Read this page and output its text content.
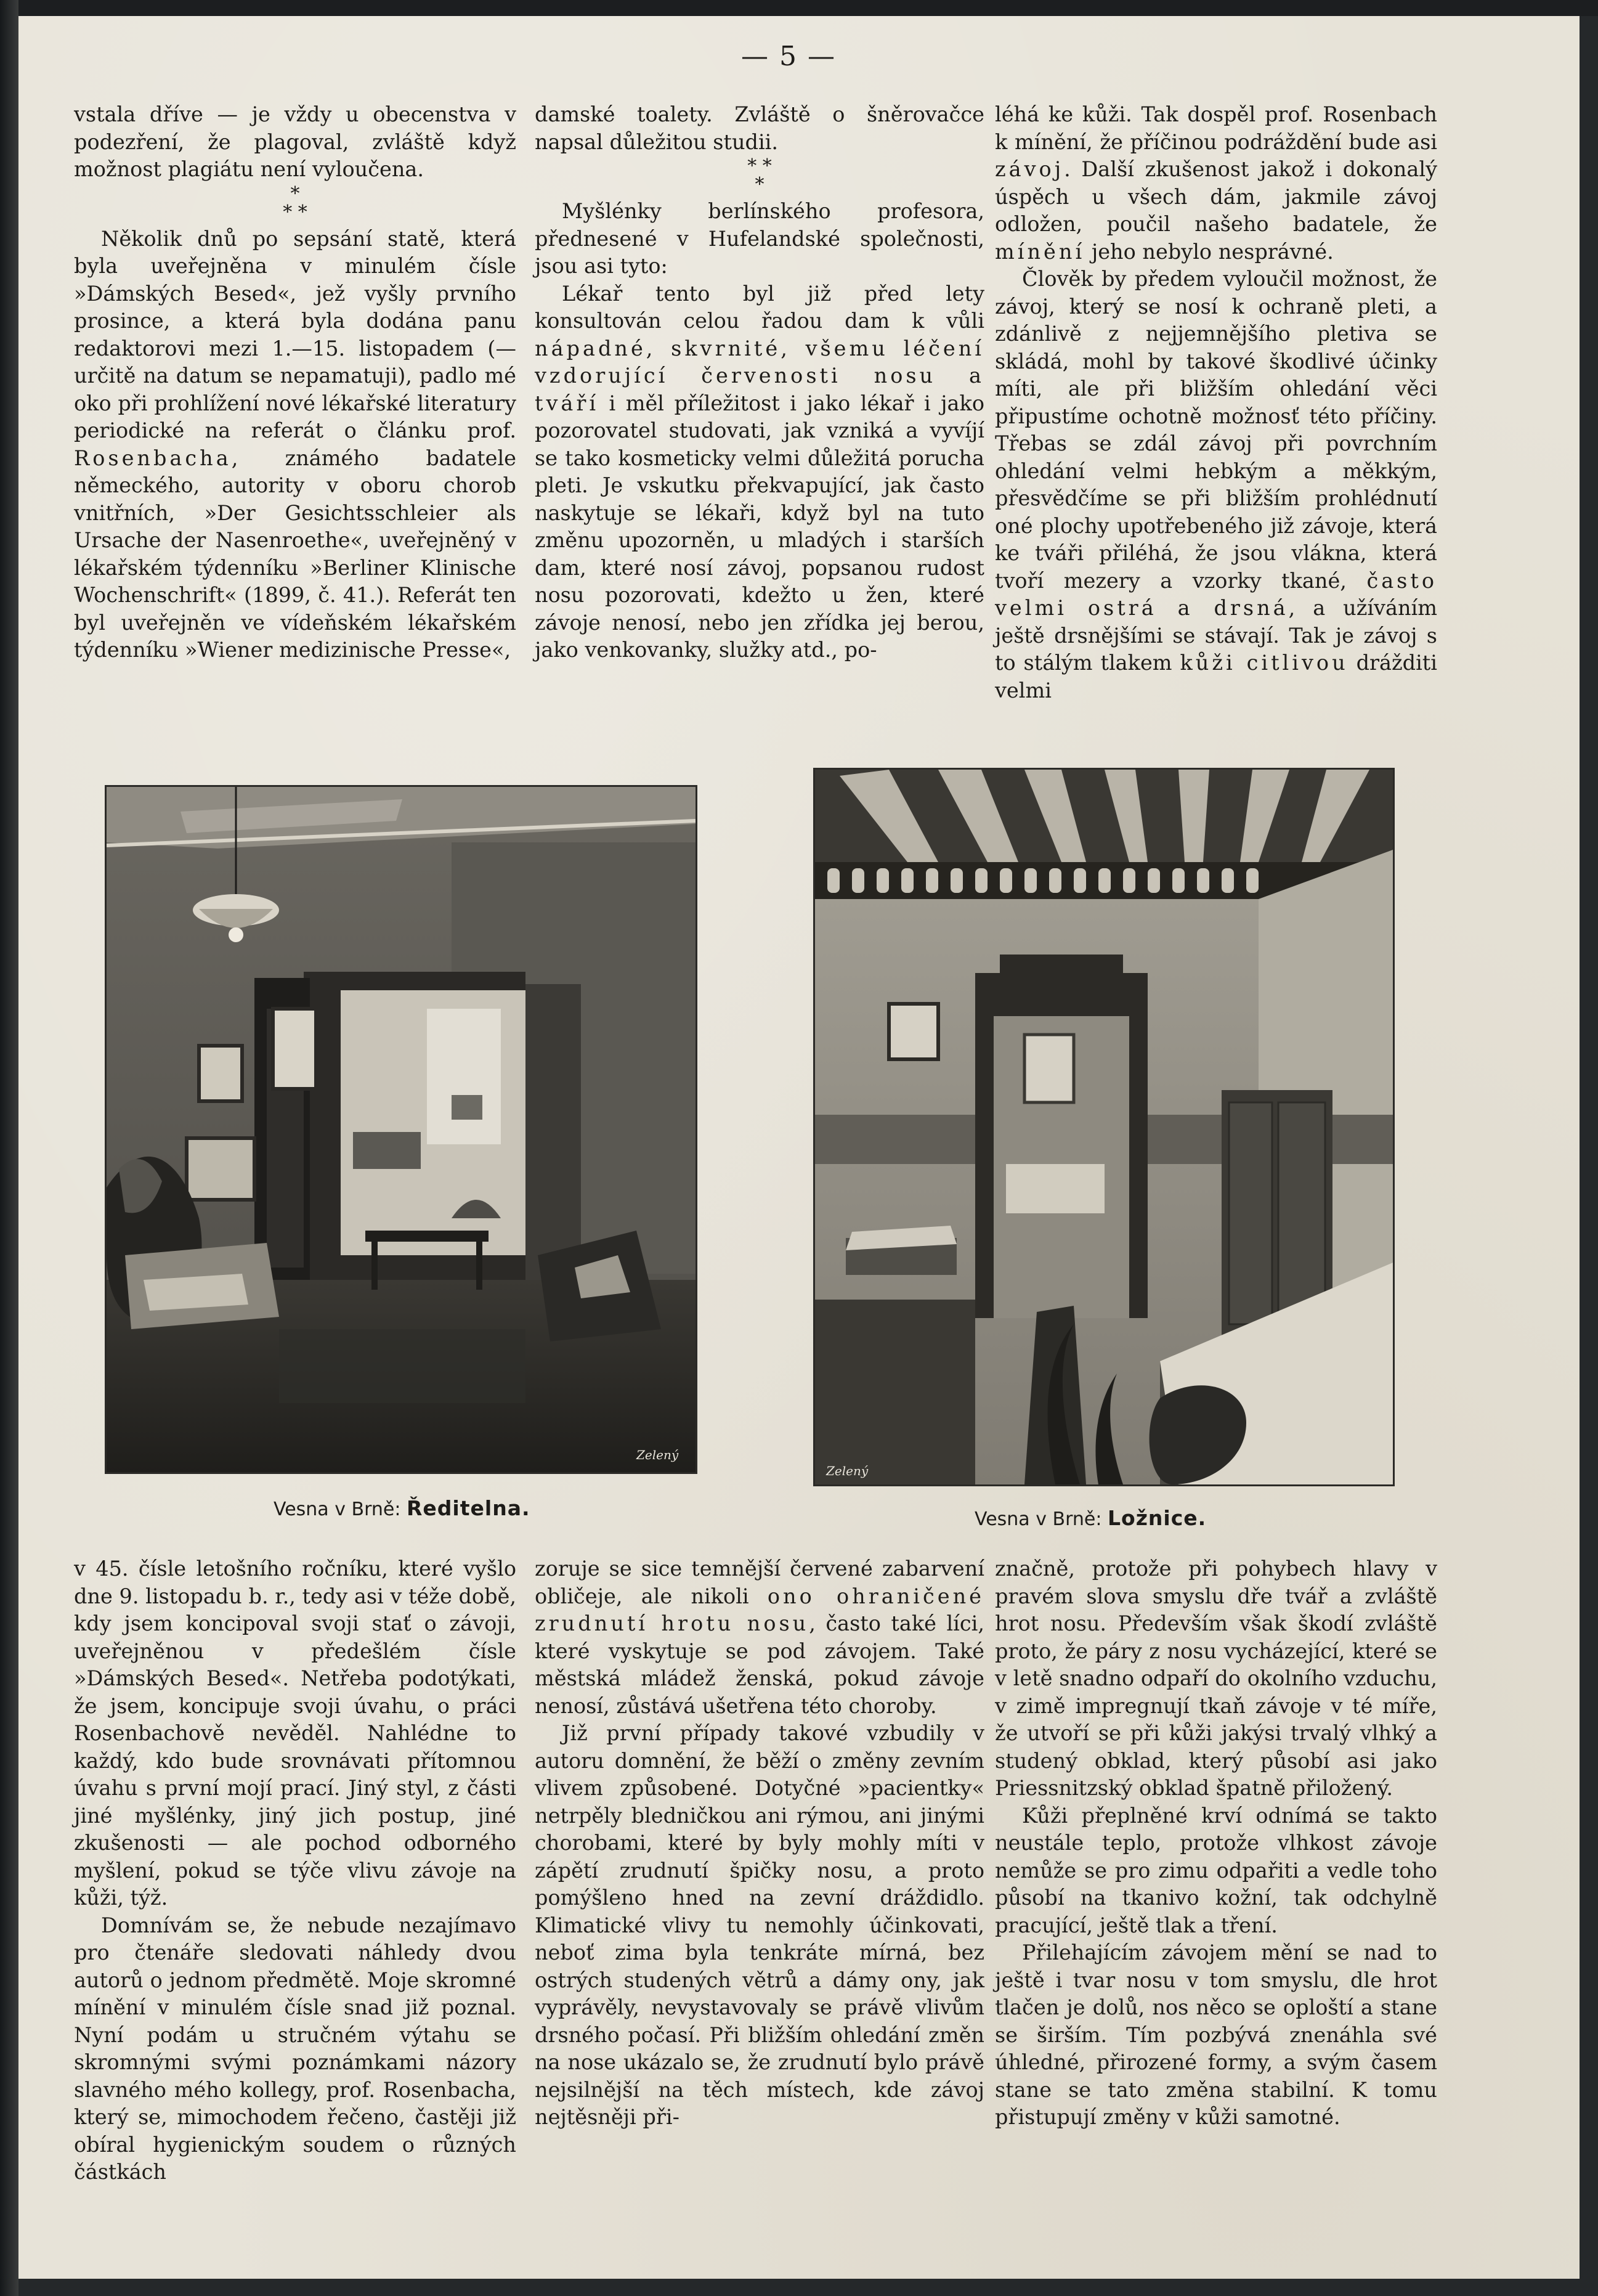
— 5 —

vstala dříve — je vždy u obecenstva v podezření, že plagoval, zvláště když možnost plagiátu není vyloučena.

*
* *

Několik dnů po sepsání statě, která byla uveřejněna v minulém čísle »Dámských Besed«, jež vyšly prvního prosince, a která byla dodána panu redaktorovi mezi 1.—15. listopadem (— určitě na datum se nepamatuji), padlo mé oko při prohlížení nové lékařské literatury periodické na referát o článku prof. Rosenbacha, známého badatele německého, autority v oboru chorob vnitřních, »Der Gesichtsschleier als Ursache der Nasenroethe«, uveřejněný v lékařském týdenníku »Berliner Klinische Wochenschrift« (1899, č. 41.). Referát ten byl uveřejněn ve vídeňském lékařském týdenníku »Wiener medizinische Presse«,

damské toalety. Zvláště o šněrovačce napsal důležitou studii.

* *
*

Myšlénky berlínského profesora, přednesené v Hufelandské společnosti, jsou asi tyto:

Lékař tento byl již před lety konsultován celou řadou dam k vůli nápadné, skvrnité, všemu léčení vzdorující červenosti nosu a tváří i měl příležitost i jako lékař i jako pozorovatel studovati, jak vzniká a vyvíjí se tako kosmeticky velmi důležitá porucha pleti. Je vskutku překvapující, jak často naskytuje se lékaři, když byl na tuto změnu upozorněn, u mladých i starších dam, které nosí závoj, popsanou rudost nosu pozorovati, kdežto u žen, které závoje nenosí, nebo jen zřídka jej berou, jako venkovanky, služky atd., po-

léhá ke kůži. Tak dospěl prof. Rosenbach k mínění, že příčinou podráždění bude asi závoj. Další zkušenost jakož i dokonalý úspěch u všech dám, jakmile závoj odložen, poučil našeho badatele, že mínění jeho nebylo nesprávné.

Člověk by předem vyloučil možnost, že závoj, který se nosí k ochraně pleti, a zdánlivě z nejjemnějšího pletiva se skládá, mohl by takové škodlivé účinky míti, ale při bližším ohledání věci připustíme ochotně možnosť této příčiny. Třebas se zdál závoj při povrchním ohledání velmi hebkým a měkkým, přesvědčíme se při bližším prohlédnutí oné plochy upotřebeného již závoje, která ke tváři přiléhá, že jsou vlákna, která tvoří mezery a vzorky tkané, často velmi ostrá a drsná, a užíváním ještě drsnějšími se stávají. Tak je závoj s to stálým tlakem kůži citlivou drážditi velmi

Zelený
Zelený
Vesna v Brně: Ředitelna.	Vesna v Brně: Ložnice.

v 45. čísle letošního ročníku, které vyšlo dne 9. listopadu b. r., tedy asi v téže době, kdy jsem koncipoval svoji stať o závoji, uveřejněnou v předešlém čísle »Dámských Besed«. Netřeba podotýkati, že jsem, koncipuje svoji úvahu, o práci Rosenbachově nevěděl. Nahlédne to každý, kdo bude srovnávati přítomnou úvahu s první mojí prací. Jiný styl, z části jiné myšlénky, jiný jich postup, jiné zkušenosti — ale pochod odborného myšlení, pokud se týče vlivu závoje na kůži, týž.

Domnívám se, že nebude nezajímavo pro čtenáře sledovati náhledy dvou autorů o jednom předmětě. Moje skromné mínění v minulém čísle snad již poznal. Nyní podám u stručném výtahu se skromnými svými poznámkami názory slavného mého kollegy, prof. Rosenbacha, který se, mimochodem řečeno, častěji již obíral hygienickým soudem o různých částkách

zoruje se sice temnější červené zabarvení obličeje, ale nikoli ono ohraničené zrudnutí hrotu nosu, často také líci, které vyskytuje se pod závojem. Také městská mládež ženská, pokud závoje nenosí, zůstává ušetřena této choroby.

Již první případy takové vzbudily v autoru domnění, že běží o změny zevním vlivem způsobené. Dotyčné »pacientky« netrpěly bledničkou ani rýmou, ani jinými chorobami, které by byly mohly míti v zápětí zrudnutí špičky nosu, a proto pomýšleno hned na zevní dráždidlo. Klimatické vlivy tu nemohly účinkovati, neboť zima byla tenkráte mírná, bez ostrých studených větrů a dámy ony, jak vyprávěly, nevystavovaly se právě vlivům drsného počasí. Při bližším ohledání změn na nose ukázalo se, že zrudnutí bylo právě nejsilnější na těch místech, kde závoj nejtěsněji při-

značně, protože při pohybech hlavy v pravém slova smyslu dře tvář a zvláště hrot nosu. Především však škodí zvláště proto, že páry z nosu vycházející, které se v letě snadno odpaří do okolního vzduchu, v zimě impregnují tkaň závoje v té míře, že utvoří se při kůži jakýsi trvalý vlhký a studený obklad, který působí asi jako Priessnitzský obklad špatně přiložený.

Kůži přeplněné krví odnímá se takto neustále teplo, protože vlhkost závoje nemůže se pro zimu odpařiti a vedle toho působí na tkanivo kožní, tak odchylně pracující, ještě tlak a tření.

Přilehajícím závojem mění se nad to ještě i tvar nosu v tom smyslu, dle hrot tlačen je dolů, nos něco se oploští a stane se širším. Tím pozbývá znenáhla své úhledné, přirozené formy, a svým časem stane se tato změna stabilní. K tomu přistupují změny v kůži samotné.
